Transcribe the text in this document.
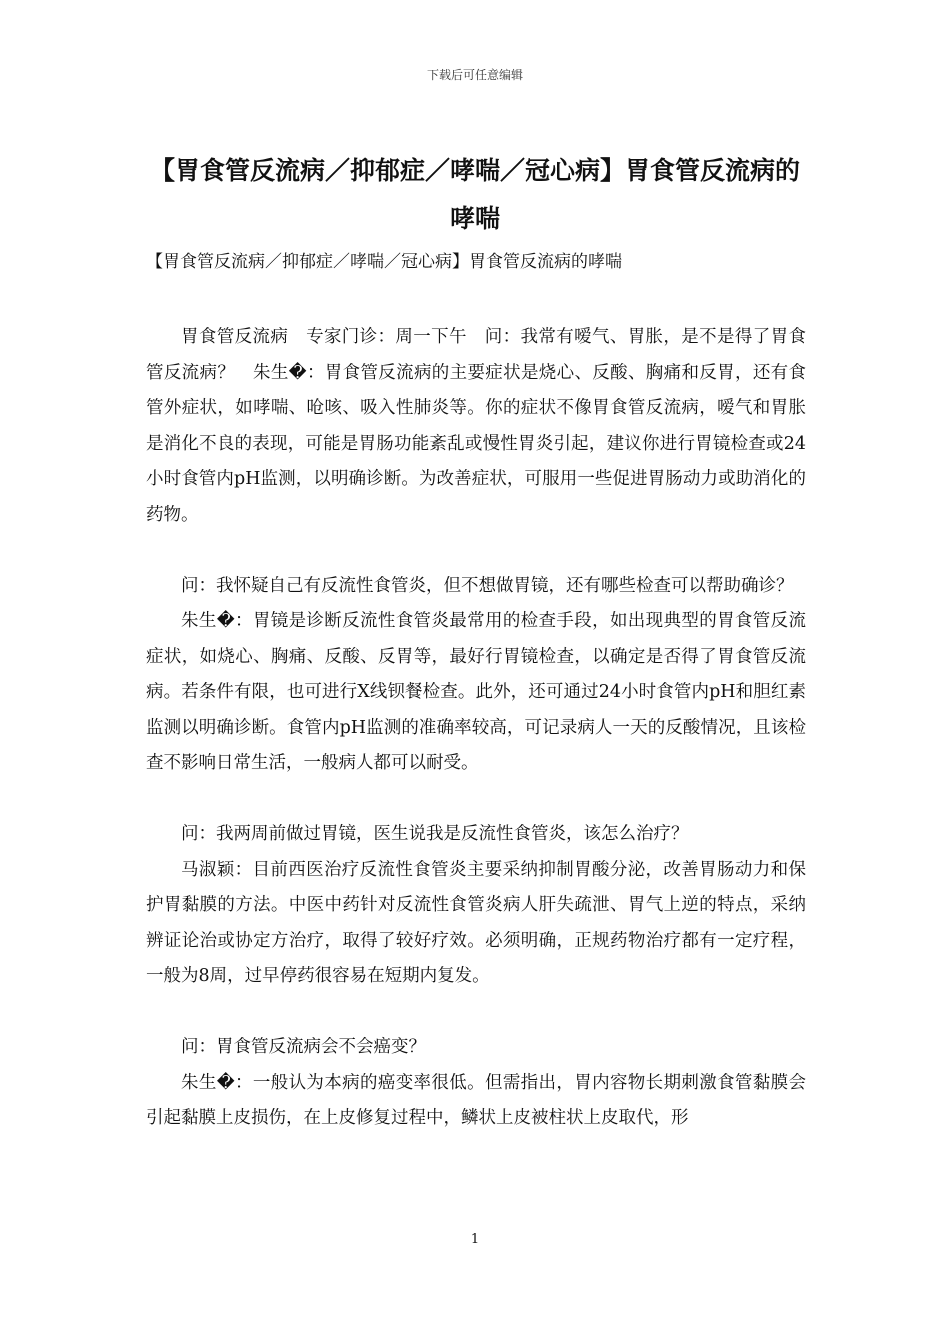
下载后可任意编辑
【胃食管反流病／抑郁症／哮喘／冠心病】胃食管反流病的哮喘
【胃食管反流病／抑郁症／哮喘／冠心病】胃食管反流病的哮喘

胃食管反流病　专家门诊：周一下午　问：我常有嗳气、胃胀，是不是得了胃食管反流病？　朱生�：胃食管反流病的主要症状是烧心、反酸、胸痛和反胃，还有食管外症状，如哮喘、呛咳、吸入性肺炎等。你的症状不像胃食管反流病，嗳气和胃胀是消化不良的表现，可能是胃肠功能紊乱或慢性胃炎引起，建议你进行胃镜检查或24小时食管内pH监测，以明确诊断。为改善症状，可服用一些促进胃肠动力或助消化的药物。

问：我怀疑自己有反流性食管炎，但不想做胃镜，还有哪些检查可以帮助确诊？

朱生�：胃镜是诊断反流性食管炎最常用的检查手段，如出现典型的胃食管反流症状，如烧心、胸痛、反酸、反胃等，最好行胃镜检查，以确定是否得了胃食管反流病。若条件有限，也可进行X线钡餐检查。此外，还可通过24小时食管内pH和胆红素监测以明确诊断。食管内pH监测的准确率较高，可记录病人一天的反酸情况，且该检查不影响日常生活，一般病人都可以耐受。

问：我两周前做过胃镜，医生说我是反流性食管炎，该怎么治疗？

马淑颖：目前西医治疗反流性食管炎主要采纳抑制胃酸分泌，改善胃肠动力和保护胃黏膜的方法。中医中药针对反流性食管炎病人肝失疏泄、胃气上逆的特点，采纳辨证论治或协定方治疗，取得了较好疗效。必须明确，正规药物治疗都有一定疗程，一般为8周，过早停药很容易在短期内复发。

问：胃食管反流病会不会癌变？

朱生�：一般认为本病的癌变率很低。但需指出，胃内容物长期刺激食管黏膜会引起黏膜上皮损伤，在上皮修复过程中，鳞状上皮被柱状上皮取代，形

1
